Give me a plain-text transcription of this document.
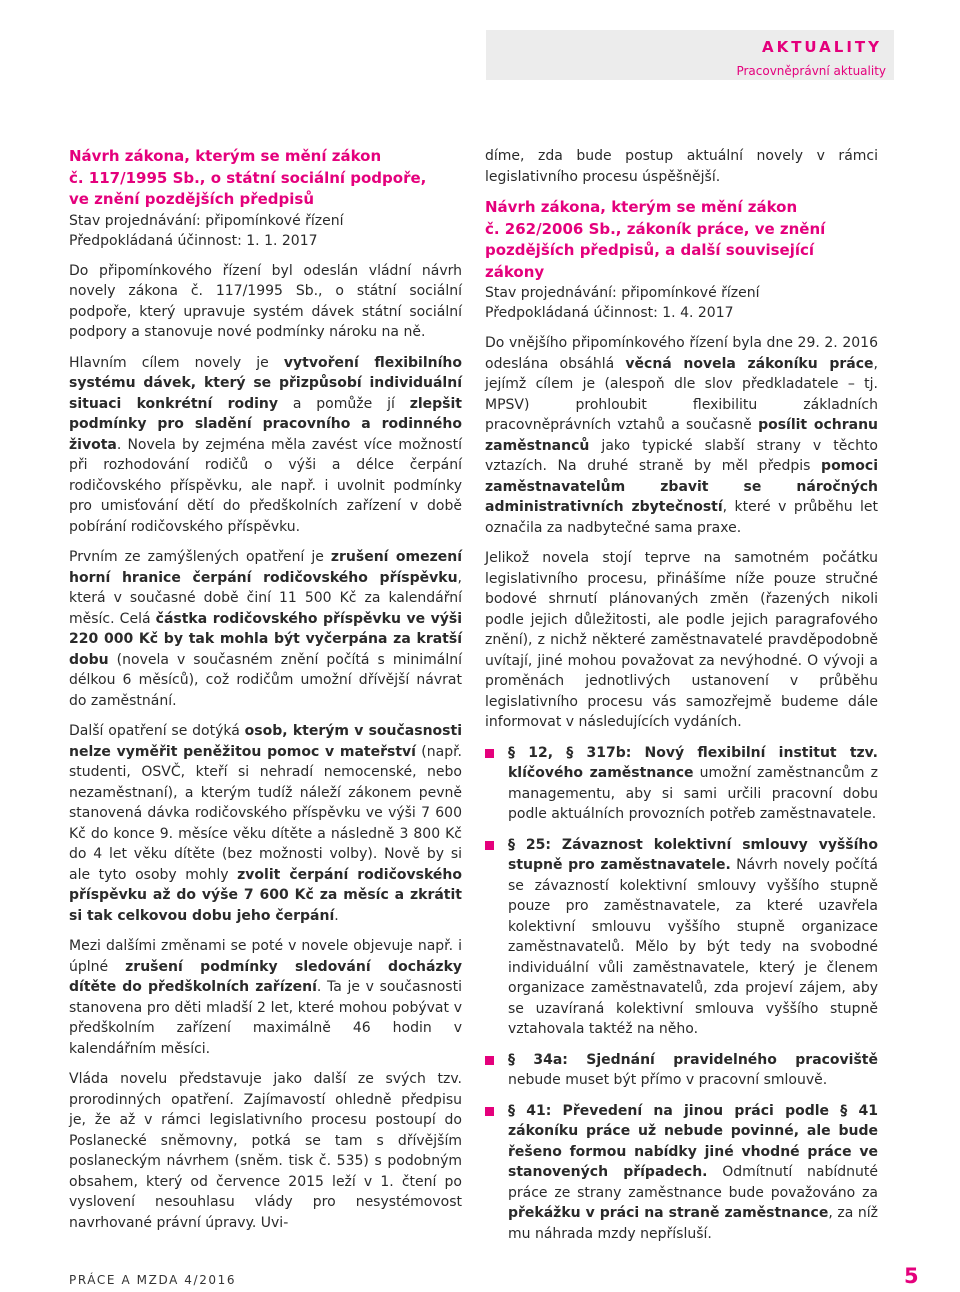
AKTUALITY
Pracovněprávní aktuality
Návrh zákona, kterým se mění zákon
č. 117/1995 Sb., o státní sociální podpoře,
ve znění pozdějších předpisů
Stav projednávání: připomínkové řízení
Předpokládaná účinnost: 1. 1. 2017

Do připomínkového řízení byl odeslán vládní návrh novely zákona č. 117/1995 Sb., o státní sociální podpoře, který upravuje systém dávek státní sociální podpory a stanovuje nové podmínky nároku na ně.

Hlavním cílem novely je vytvoření flexibilního systému dávek, který se přizpůsobí individuální situaci konkrétní rodiny a pomůže jí zlepšit podmínky pro sladění pracovního a rodinného života. Novela by zejména měla zavést více možností při rozhodování rodičů o výši a délce čerpání rodičovského příspěvku, ale např. i uvolnit podmínky pro umisťování dětí do předškolních zařízení v době pobírání rodičovského příspěvku.

Prvním ze zamýšlených opatření je zrušení omezení horní hranice čerpání rodičovského příspěvku, která v současné době činí 11 500 Kč za kalendářní měsíc. Celá částka rodičovského příspěvku ve výši 220 000 Kč by tak mohla být vyčerpána za kratší dobu (novela v současném znění počítá s minimální délkou 6 měsíců), což rodičům umožní dřívější návrat do zaměstnání.

Další opatření se dotýká osob, kterým v současnosti nelze vyměřit peněžitou pomoc v mateřství (např. studenti, OSVČ, kteří si nehradí nemocenské, nebo nezaměstnaní), a kterým tudíž náleží zákonem pevně stanovená dávka rodičovského příspěvku ve výši 7 600 Kč do konce 9. měsíce věku dítěte a následně 3 800 Kč do 4 let věku dítěte (bez možnosti volby). Nově by si ale tyto osoby mohly zvolit čerpání rodičovského příspěvku až do výše 7 600 Kč za měsíc a zkrátit si tak celkovou dobu jeho čerpání.

Mezi dalšími změnami se poté v novele objevuje např. i úplné zrušení podmínky sledování docházky dítěte do předškolních zařízení. Ta je v současnosti stanovena pro děti mladší 2 let, které mohou pobývat v předškolním zařízení maximálně 46 hodin v kalendářním měsíci.

Vláda novelu představuje jako další ze svých tzv. prorodinných opatření. Zajímavostí ohledně předpisu je, že až v rámci legislativního procesu postoupí do Poslanecké sněmovny, potká se tam s dřívějším poslaneckým návrhem (sněm. tisk č. 535) s podobným obsahem, který od července 2015 leží v 1. čtení po vyslovení nesouhlasu vlády pro nesystémovost navrhované právní úpravy. Uvi-

díme, zda bude postup aktuální novely v rámci legislativního procesu úspěšnější.

Návrh zákona, kterým se mění zákon
č. 262/2006 Sb., zákoník práce, ve znění
pozdějších předpisů, a další související zákony
Stav projednávání: připomínkové řízení
Předpokládaná účinnost: 1. 4. 2017

Do vnějšího připomínkového řízení byla dne 29. 2. 2016 odeslána obsáhlá věcná novela zákoníku práce, jejímž cílem je (alespoň dle slov předkladatele – tj. MPSV) prohloubit flexibilitu základních pracovněprávních vztahů a současně posílit ochranu zaměstnanců jako typické slabší strany v těchto vztazích. Na druhé straně by měl předpis pomoci zaměstnavatelům zbavit se náročných administrativních zbytečností, které v průběhu let označila za nadbytečné sama praxe.

Jelikož novela stojí teprve na samotném počátku legislativního procesu, přinášíme níže pouze stručné bodové shrnutí plánovaných změn (řazených nikoli podle jejich důležitosti, ale podle jejich paragrafového znění), z nichž některé zaměstnavatelé pravděpodobně uvítají, jiné mohou považovat za nevýhodné. O vývoji a proměnách jednotlivých ustanovení v průběhu legislativního procesu vás samozřejmě budeme dále informovat v následujících vydáních.

§ 12, § 317b: Nový flexibilní institut tzv. klíčového zaměstnance umožní zaměstnancům z managementu, aby si sami určili pracovní dobu podle aktuálních provozních potřeb zaměstnavatele.
§ 25: Závaznost kolektivní smlouvy vyššího stupně pro zaměstnavatele. Návrh novely počítá se závazností kolektivní smlouvy vyššího stupně pouze pro zaměstnavatele, za které uzavřela kolektivní smlouvu vyššího stupně organizace zaměstnavatelů. Mělo by být tedy na svobodné individuální vůli zaměstnavatele, který je členem organizace zaměstnavatelů, zda projeví zájem, aby se uzavíraná kolektivní smlouva vyššího stupně vztahovala taktéž na něho.
§ 34a: Sjednání pravidelného pracoviště nebude muset být přímo v pracovní smlouvě.
§ 41: Převedení na jinou práci podle § 41 zákoníku práce už nebude povinné, ale bude řešeno formou nabídky jiné vhodné práce ve stanovených případech. Odmítnutí nabídnuté práce ze strany zaměstnance bude považováno za překážku v práci na straně zaměstnance, za níž mu náhrada mzdy nepřísluší.
PRÁCE A MZDA 4/2016	5
